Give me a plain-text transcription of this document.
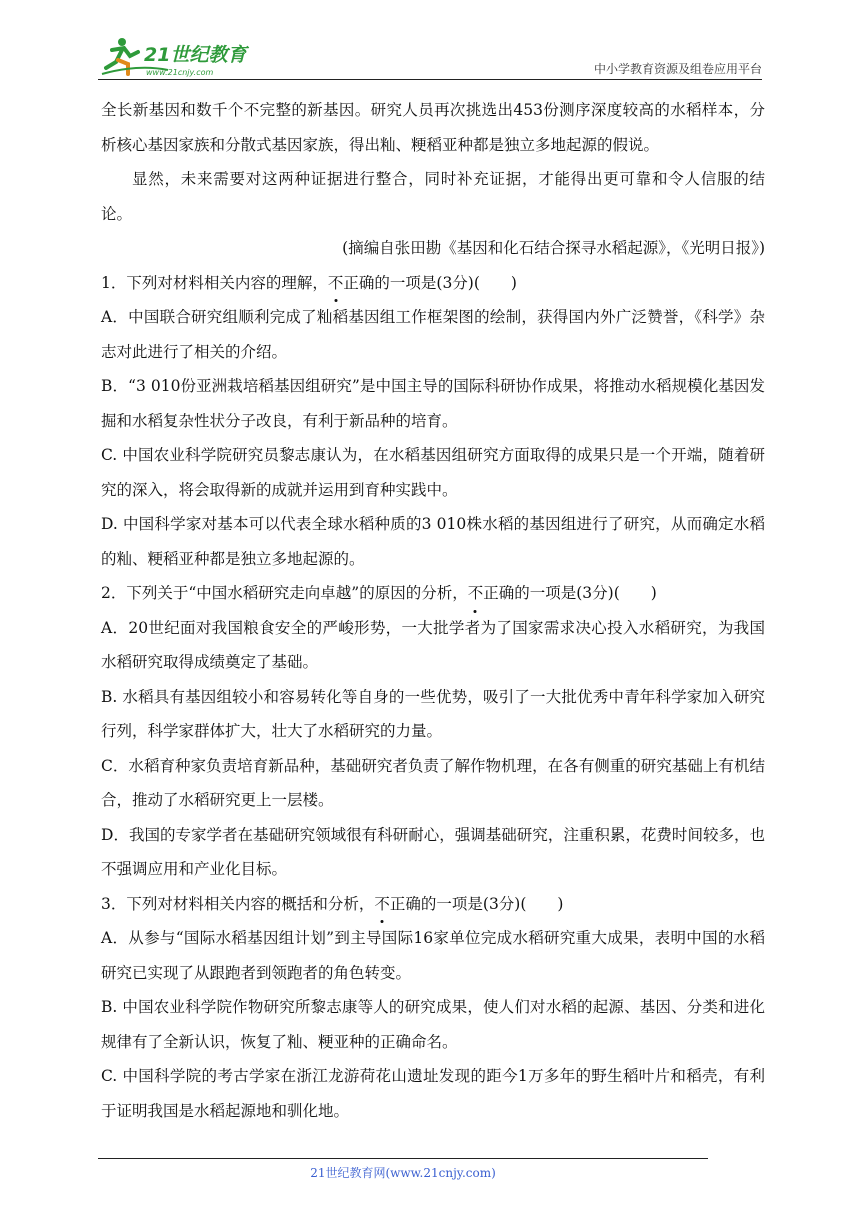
21世纪教育
www.21cnjy.com	中小学教育资源及组卷应用平台

全长新基因和数千个不完整的新基因。研究人员再次挑选出453份测序深度较高的水稻样本，分析核心基因家族和分散式基因家族，得出籼、粳稻亚种都是独立多地起源的假说。

显然，未来需要对这两种证据进行整合，同时补充证据，才能得出更可靠和令人信服的结论。

(摘编自张田勘《基因和化石结合探寻水稻起源》，《光明日报》)

1．下列对材料相关内容的理解，不正确的一项是(3分)(　　)

A．中国联合研究组顺利完成了籼稻基因组工作框架图的绘制，获得国内外广泛赞誉，《科学》杂志对此进行了相关的介绍。

B．“3 010份亚洲栽培稻基因组研究”是中国主导的国际科研协作成果，将推动水稻规模化基因发掘和水稻复杂性状分子改良，有利于新品种的培育。

C. 中国农业科学院研究员黎志康认为，在水稻基因组研究方面取得的成果只是一个开端，随着研究的深入，将会取得新的成就并运用到育种实践中。

D. 中国科学家对基本可以代表全球水稻种质的3 010株水稻的基因组进行了研究，从而确定水稻的籼、粳稻亚种都是独立多地起源的。

2．下列关于“中国水稻研究走向卓越”的原因的分析，不正确的一项是(3分)(　　)

A．20世纪面对我国粮食安全的严峻形势，一大批学者为了国家需求决心投入水稻研究，为我国水稻研究取得成绩奠定了基础。

B. 水稻具有基因组较小和容易转化等自身的一些优势，吸引了一大批优秀中青年科学家加入研究行列，科学家群体扩大，壮大了水稻研究的力量。

C．水稻育种家负责培育新品种，基础研究者负责了解作物机理，在各有侧重的研究基础上有机结合，推动了水稻研究更上一层楼。

D．我国的专家学者在基础研究领域很有科研耐心，强调基础研究，注重积累，花费时间较多，也不强调应用和产业化目标。

3．下列对材料相关内容的概括和分析，不正确的一项是(3分)(　　)

A．从参与“国际水稻基因组计划”到主导国际16家单位完成水稻研究重大成果，表明中国的水稻研究已实现了从跟跑者到领跑者的角色转变。

B. 中国农业科学院作物研究所黎志康等人的研究成果，使人们对水稻的起源、基因、分类和进化规律有了全新认识，恢复了籼、粳亚种的正确命名。

C. 中国科学院的考古学家在浙江龙游荷花山遗址发现的距今1万多年的野生稻叶片和稻壳，有利于证明我国是水稻起源地和驯化地。

21世纪教育网(www.21cnjy.com)
